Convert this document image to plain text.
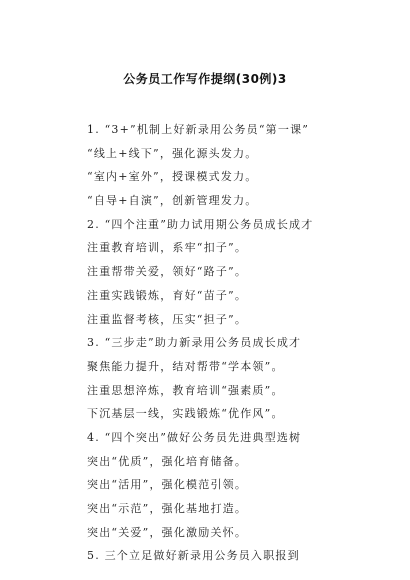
公务员工作写作提纲(30例)3
1. “3+”机制上好新录用公务员“第一课”
“线上+线下”，强化源头发力。
“室内+室外”，授课模式发力。
“自导+自演”，创新管理发力。
2. “四个注重”助力试用期公务员成长成才
注重教育培训，系牢“扣子”。
注重帮带关爱，领好“路子”。
注重实践锻炼，育好“苗子”。
注重监督考核，压实“担子”。
3. “三步走”助力新录用公务员成长成才
聚焦能力提升，结对帮带“学本领”。
注重思想淬炼，教育培训“强素质”。
下沉基层一线，实践锻炼“优作风”。
4. “四个突出”做好公务员先进典型选树
突出“优质”，强化培育储备。
突出“活用”，强化模范引领。
突出“示范”，强化基地打造。
突出“关爱”，强化激励关怀。
5. 三个立足做好新录用公务员入职报到
